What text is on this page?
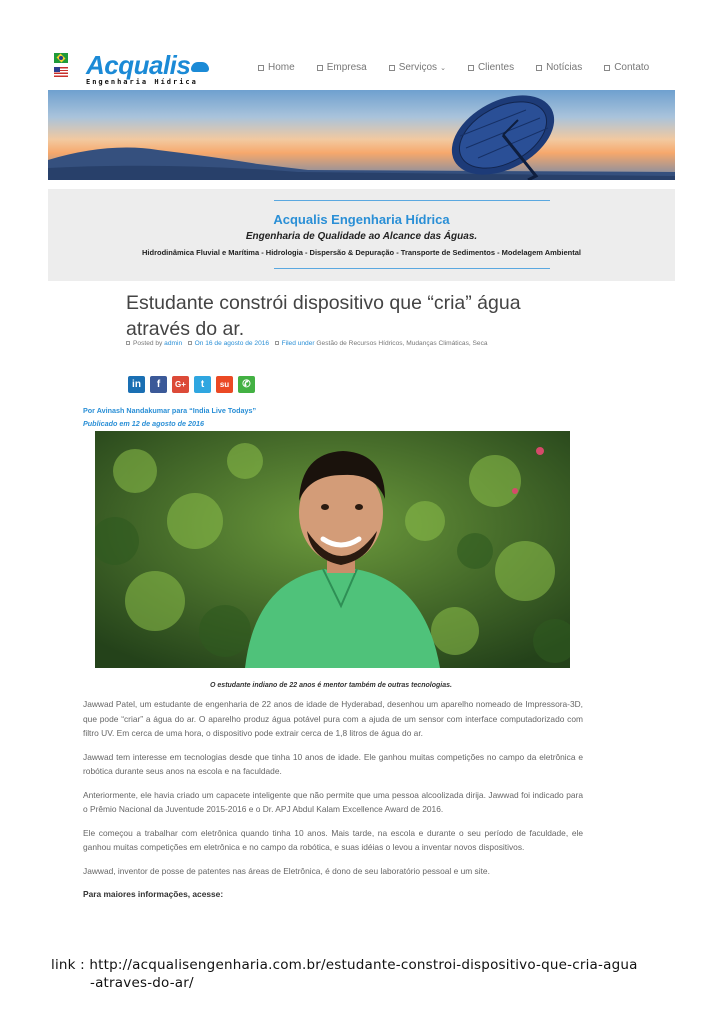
Acqualis
Engenharia Hídrica
Home	Empresa	Serviços ⌄	Clientes	Notícias	Contato
Acqualis Engenharia Hídrica
Engenharia de Qualidade ao Alcance das Águas.
Hidrodinâmica Fluvial e Marítima - Hidrologia - Dispersão & Depuração - Transporte de Sedimentos - Modelagem Ambiental
Estudante constrói dispositivo que “cria” água através do ar.
Posted by admin On 16 de agosto de 2016 Filed under Gestão de Recursos Hídricos, Mudanças Climáticas, Seca
in	f	G+	t	su	✆
Por Avinash Nandakumar para “India Live Todays”
Publicado em 12 de agosto de 2016
O estudante indiano de 22 anos é mentor também de outras tecnologias.

Jawwad Patel, um estudante de engenharia de 22 anos de idade de Hyderabad, desenhou um aparelho nomeado de Impressora-3D, que pode “criar” a água do ar. O aparelho produz água potável pura com a ajuda de um sensor com interface computadorizado com filtro UV. Em cerca de uma hora, o dispositivo pode extrair cerca de 1,8 litros de água do ar.

Jawwad tem interesse em tecnologias desde que tinha 10 anos de idade. Ele ganhou muitas competições no campo da eletrônica e robótica durante seus anos na escola e na faculdade.

Anteriormente, ele havia criado um capacete inteligente que não permite que uma pessoa alcoolizada dirija. Jawwad foi indicado para o Prêmio Nacional da Juventude 2015-2016 e o Dr. APJ Abdul Kalam Excellence Award de 2016.

Ele começou a trabalhar com eletrônica quando tinha 10 anos. Mais tarde, na escola e durante o seu período de faculdade, ele ganhou muitas competições em eletrônica e no campo da robótica, e suas idéias o levou a inventar novos dispositivos.

Jawwad, inventor de posse de patentes nas áreas de Eletrônica, é dono de seu laboratório pessoal e um site.

Para maiores informações, acesse:

link : http://acqualisengenharia.com.br/estudante-constroi-dispositivo-que-cria-agua
-atraves-do-ar/
